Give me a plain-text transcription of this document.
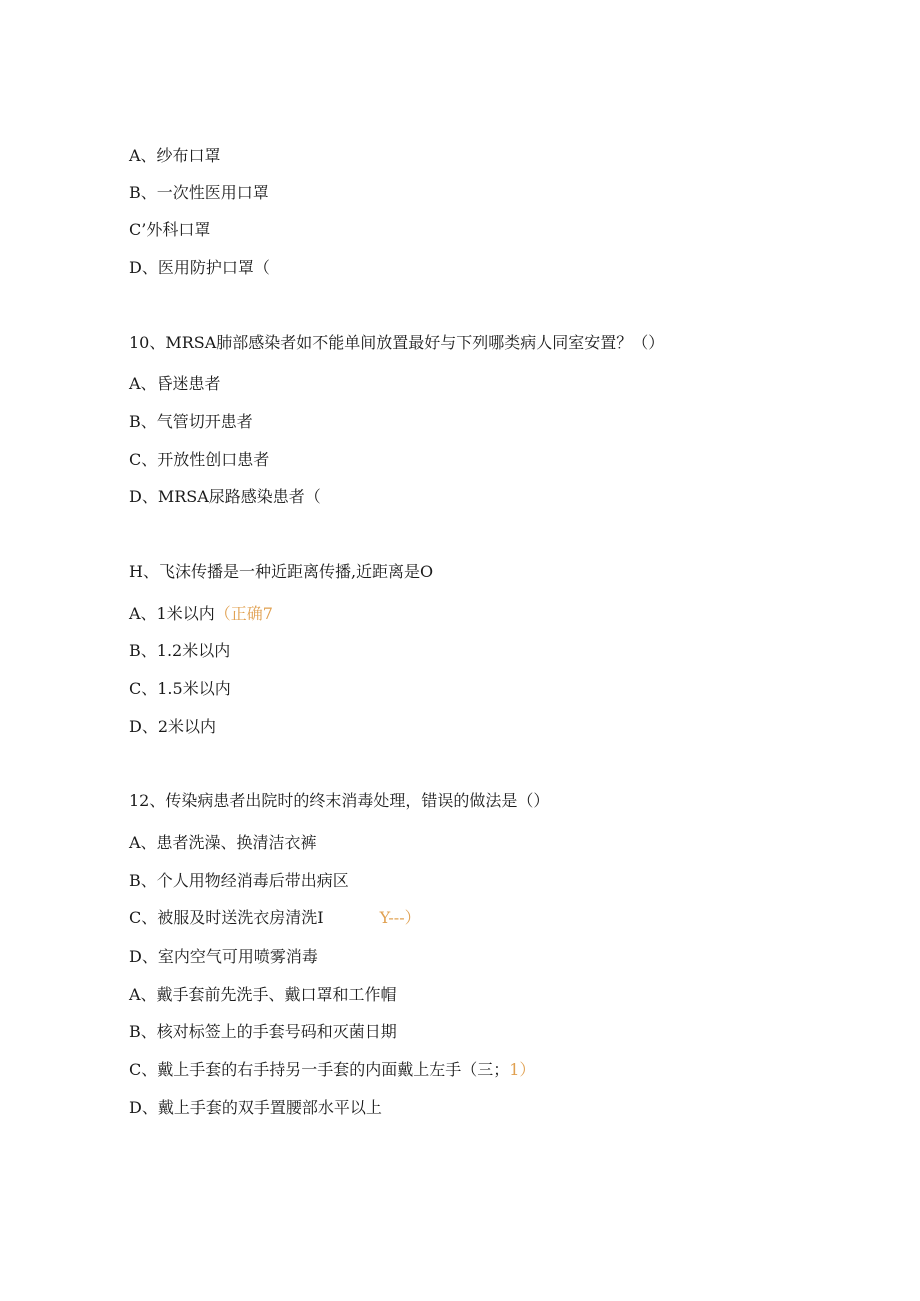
A、纱布口罩
B、一次性医用口罩
C’外科口罩
D、医用防护口罩（
10、MRSA肺部感染者如不能单间放置最好与下列哪类病人同室安置？（）
A、昏迷患者
B、气管切开患者
C、开放性创口患者
D、MRSA尿路感染患者（
H、飞沫传播是一种近距离传播,近距离是O
A、1米以内（正确7
B、1.2米以内
C、1.5米以内
D、2米以内
12、传染病患者出院时的终末消毒处理，错误的做法是（）
A、患者洗澡、换清洁衣裤
B、个人用物经消毒后带出病区
C、被服及时送洗衣房清洗I	Y---）
D、室内空气可用喷雾消毒
A、戴手套前先洗手、戴口罩和工作帽
B、核对标签上的手套号码和灭菌日期
C、戴上手套的右手持另一手套的内面戴上左手（三；1）
D、戴上手套的双手置腰部水平以上
